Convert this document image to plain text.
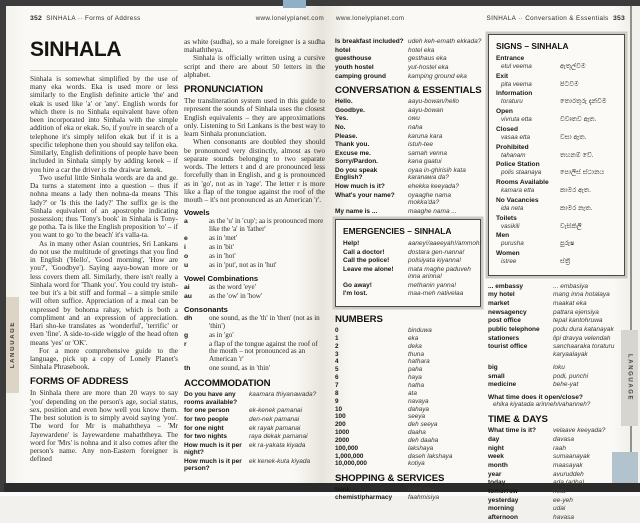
352 SINHALA ·· Forms of Address	www.lonelyplanet.com www.lonelyplanet.com	SINHALA ·· Conversation & Essentials 353
SINHALA

Sinhala is somewhat simplified by the use of many eka words. Eka is used more or less similarly to the English definite article 'the' and ekak is used like 'a' or 'any'. English words for which there is no Sinhala equivalent have often been incorporated into Sinhala with the simple addition of eka or ekak. So, if you're in search of a telephone it's simply telifon ekak but if it is a specific telephone then you should say telifon eka. Similarly, English definitions of people have been included in Sinhala simply by adding kenek – if you hire a car the driver is the draiwar kenek.

Two useful little Sinhala words are da and ge. Da turns a statement into a question – thus if nohna means a lady then nohna-da means 'This lady?' or 'Is this the lady?' The suffix ge is the Sinhala equivalent of an apostrophe indicating possession; thus 'Tony's book' in Sinhala is Tony-ge potha. Ta is like the English preposition 'to' – if you want to go 'to the beach' it's valla-ta.

As in many other Asian countries, Sri Lankans do not use the multitude of greetings that you find in English ('Hello', 'Good morning', 'How are you?', 'Goodbye'). Saying aayu-bowan more or less covers them all. Similarly, there isn't really a Sinhala word for 'Thank you'. You could try istuh-tee but it's a bit stiff and formal – a simple smile will often suffice. Appreciation of a meal can be expressed by bohoma rahay, which is both a compliment and an expression of appreciation. Hari sho-ke translates as 'wonderful', 'terrific' or even 'fine'. A side-to-side wiggle of the head often means 'yes' or 'OK'.

For a more comprehensive guide to the language, pick up a copy of Lonely Planet's Sinhala Phrasebook.

FORMS OF ADDRESS

In Sinhala there are more than 20 ways to say 'you' depending on the person's age, social status, sex, position and even how well you know them. The best solution is to simply avoid saying 'you'. The word for Mr is mahaththeya – 'Mr Jayewardene' is Jayewardene mahaththeya. The word for 'Mrs' is nohna and it also comes after the person's name. Any non-Eastern foreigner is defined

as white (sudha), so a male foreigner is a sudha mahaththeya.

Sinhala is officially written using a cursive script and there are about 50 letters in the alphabet.

PRONUNCIATION

The transliteration system used in this guide to represent the sounds of Sinhala uses the closest English equivalents – they are approximations only. Listening to Sri Lankans is the best way to learn Sinhala pronunciation.

When consonants are doubled they should be pronounced very distinctly, almost as two separate sounds belonging to two separate words. The letters t and d are pronounced less forcefully than in English, and g is pronounced as in 'go', not as in 'rage'. The letter r is more like a flap of the tongue against the roof of the mouth – it's not pronounced as an American 'r'.

Vowels
a	as the 'u' in 'cup'; aa is pronounced more like the 'a' in 'father'
e	as in 'met'
i	as in 'bit'
o	as in 'hot'
u	as in 'put', not as in 'hut'
Vowel Combinations
ai	as the word 'eye'
au	as the 'ow' in 'how'
Consonants
dh	one sound, as the 'th' in 'then' (not as in 'thin')
g	as in 'go'
r	a flap of the tongue against the roof of the mouth – not pronounced as an American 'r'
th	one sound, as in 'thin'
ACCOMMODATION
Do you have any rooms available?
kaamara thiyanawada?
for one person	ek-kenek pamanai
for two people	den-nek pamanai
for one night	ek rayak pamanai
for two nights	raya dekak pamanai
How much is it per night?
ek ra-yakata kiyada
How much is it per person?
ek kenek-kuta kiyada
Is breakfast included? udeh keh-emath ekkada?
hotel	hotel eka
guesthouse	gesthaus eka
youth hostel	yut-hostel eka
camping ground	kamping ground eka
CONVERSATION & ESSENTIALS
Hello.	aayu-bowan/hello
Goodbye.	aayu-bowan
Yes.	owu
No.	naha
Please.	karuna kara
Thank you.	istuh-tee
Excuse me.	samah venna
Sorry/Pardon.	kana gaatui
Do you speak English?
oyaa in-ghirisih kata karanawa da?
How much is it?	ehekka keeyada?
What's your name?	oyaaghe nama mokka'da?
My name is ...	maaghe nama ...
EMERGENCIES – SINHALA
Help!	aaney!/aaeeyah!/ammoh!
Call a doctor!	dostara gen-nanna!
Call the police!	polisiyata kiyanna!
Leave me alone!	mata maghe paduveh inna arinna!
Go away!	methanin yanna!
I'm lost.	maa-meh nativelaa
NUMBERS
0	binduwa
1	eka
2	deka
3	thuna
4	hathara
5	paha
6	haya
7	hatha
8	ata
9	navaya
10	dahaya
100	seeya
200	deh seeya
1000	daaha
2000	deh daaha
100,000	lakshaya
1,000,000	daseh lakshaya
10,000,000	kotiya
SHOPPING & SERVICES
bank	bankuwa
chemist/pharmacy	faahmisiya
SIGNS – SINHALA
Entrance
etul veema	ඇතුල්වීම
Exit
pita veema	පිටවීම
Information
toraturu	තොරතුරු දැන්වීම
Open
vivruta etta	විවෘතව ඇත.
Closed
vasaa etta	වසා ඇත.
Prohibited
tahanam	තහනම් වේ.
Police Station
polis staanaya	පොලිස් ස්ථානය
Rooms Available
kamara etta	කාමර ඇත.
No Vacancies
ida neta	කාමර නැත.
Toilets
vasikili	වැසිකිලි
Men
purusha	පුරුෂ
Women
istree	ස්ත්‍රී
... embassy	... embasiya
my hotel	mang inna hotalaya
market	maakat eka
newsagency	pattara ejensiya
post office	tepal kantohruwa
public telephone	podu dura katanayak
stationers	lipi dravya velendah
tourist office	sanchaaraka toraturu karyaalayak
big	loku
small	podi, punchi
medicine	behe-yat
What time does it open/close?
ehika kiyatada arinneh/vahanneh?
TIME & DAYS
What time is it?	velaave keeyada?
day	davasa
night	raah
week	sumaanayak
month	maasayak
year	avuruddeh
today	ada (adha)
tomorrow	heta
yesterday	ee-yeh
morning	udai
afternoon	havasa
LANGUAGE
LANGUAGE
